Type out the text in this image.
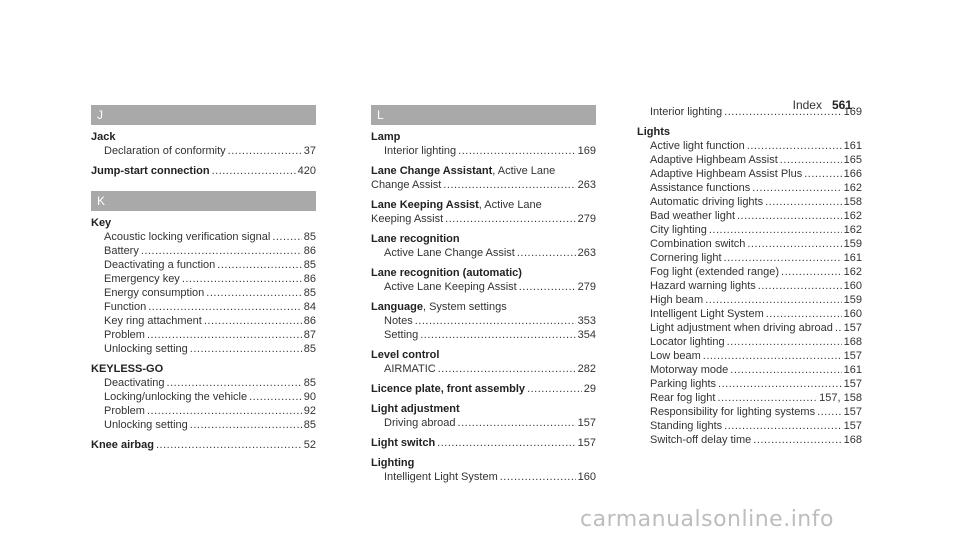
Index 561
J
Jack
Declaration of conformity .....	37
Jump-start connection .....	420
K
Key
Acoustic locking verification signal .....	85
Battery .....	86
Deactivating a function .....	85
Emergency key .....	86
Energy consumption .....	85
Function .....	84
Key ring attachment .....	86
Problem .....	87
Unlocking setting .....	85
KEYLESS-GO
Deactivating .....	85
Locking/unlocking the vehicle .....	90
Problem .....	92
Unlocking setting .....	85
Knee airbag .....	52
L
Lamp
Interior lighting .....	169
Lane Change Assistant, Active Lane
Change Assist .....	263
Lane Keeping Assist, Active Lane
Keeping Assist .....	279
Lane recognition
Active Lane Change Assist .....	263
Lane recognition (automatic)
Active Lane Keeping Assist .....	279
Language, System settings
Notes .....	353
Setting .....	354
Level control
AIRMATIC .....	282
Licence plate, front assembly .....	29
Light adjustment
Driving abroad .....	157
Light switch .....	157
Lighting
Intelligent Light System .....	160
Interior lighting .....	169
Lights
Active light function .....	161
Adaptive Highbeam Assist .....	165
Adaptive Highbeam Assist Plus .....	166
Assistance functions .....	162
Automatic driving lights .....	158
Bad weather light .....	162
City lighting .....	162
Combination switch .....	159
Cornering light .....	161
Fog light (extended range) .....	162
Hazard warning lights .....	160
High beam .....	159
Intelligent Light System .....	160
Light adjustment when driving abroad ..... 157
Locator lighting .....	168
Low beam .....	157
Motorway mode .....	161
Parking lights .....	157
Rear fog light .....	157, 158
Responsibility for lighting systems .....	157
Standing lights .....	157
Switch-off delay time .....	168
carmanualsonline.info
